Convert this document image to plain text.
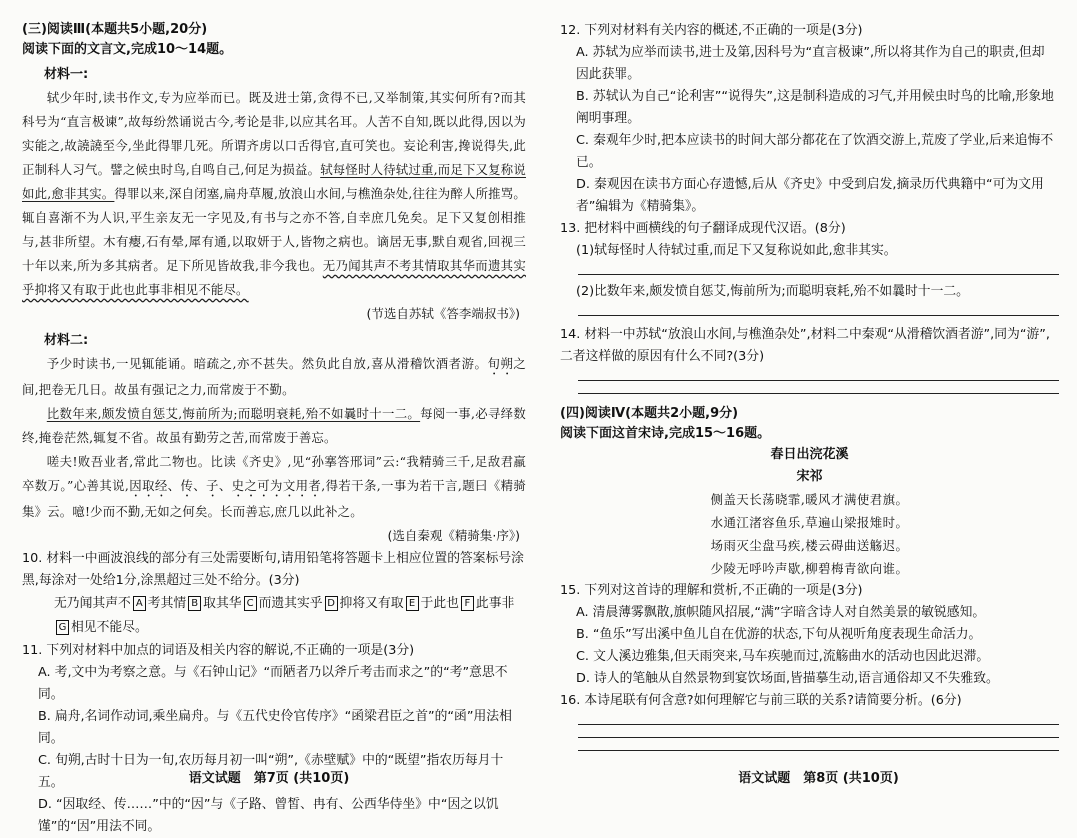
(三)阅读Ⅲ(本题共5小题,20分)

阅读下面的文言文,完成10～14题。

材料一:

轼少年时,读书作文,专为应举而已。既及进士第,贪得不已,又举制策,其实何所有?而其科号为“直言极谏”,故每纷然诵说古今,考论是非,以应其名耳。人苦不自知,既以此得,因以为实能之,故譊譊至今,坐此得罪几死。所谓齐虏以口舌得官,直可笑也。妄论利害,搀说得失,此正制科人习气。譬之候虫时鸟,自鸣自己,何足为损益。轼每怪时人待轼过重,而足下又复称说如此,愈非其实。得罪以来,深自闭塞,扁舟草履,放浪山水间,与樵渔杂处,往往为醉人所推骂。辄自喜渐不为人识,平生亲友无一字见及,有书与之亦不答,自幸庶几免矣。足下又复创相推与,甚非所望。木有瘿,石有晕,犀有通,以取妍于人,皆物之病也。谪居无事,默自观省,回视三十年以来,所为多其病者。足下所见皆故我,非今我也。无乃闻其声不考其情取其华而遗其实乎抑将又有取于此也此事非相见不能尽。

(节选自苏轼《答李端叔书》)

材料二:

予少时读书,一见辄能诵。暗疏之,亦不甚失。然负此自放,喜从滑稽饮酒者游。旬朔之间,把卷无几日。故虽有强记之力,而常废于不勤。

比数年来,颇发愤自惩艾,悔前所为;而聪明衰耗,殆不如曩时十一二。每阅一事,必寻绎数终,掩卷茫然,辄复不省。故虽有勤劳之苦,而常废于善忘。

嗟夫!败吾业者,常此二物也。比读《齐史》,见“孙搴答邢词”云:“我精骑三千,足敌君羸卒数万。”心善其说,因取经、传、子、史之可为文用者,得若干条,一事为若干言,题曰《精骑集》云。噫!少而不勤,无如之何矣。长而善忘,庶几以此补之。

(选自秦观《精骑集·序》)

10. 材料一中画波浪线的部分有三处需要断句,请用铅笔将答题卡上相应位置的答案标号涂黑,每涂对一处给1分,涂黑超过三处不给分。(3分)

无乃闻其声不 A 考其情 B 取其华 C 而遗其实乎 D 抑将又有取 E 于此也 F 此事非G 相见不能尽。

11. 下列对材料中加点的词语及相关内容的解说,不正确的一项是(3分)

A. 考,文中为考察之意。与《石钟山记》“而陋者乃以斧斤考击而求之”的“考”意思不同。

B. 扁舟,名词作动词,乘坐扁舟。与《五代史伶官传序》“函梁君臣之首”的“函”用法相同。

C. 旬朔,古时十日为一旬,农历每月初一叫“朔”,《赤壁赋》中的“既望”指农历每月十五。

D. “因取经、传……”中的“因”与《子路、曾皙、冉有、公西华侍坐》中“因之以饥馑”的“因”用法不同。

语文试题　第7页 (共10页)

12. 下列对材料有关内容的概述,不正确的一项是(3分)

A. 苏轼为应举而读书,进士及第,因科号为“直言极谏”,所以将其作为自己的职责,但却因此获罪。

B. 苏轼认为自己“论利害”“说得失”,这是制科造成的习气,并用候虫时鸟的比喻,形象地阐明事理。

C. 秦观年少时,把本应读书的时间大部分都花在了饮酒交游上,荒废了学业,后来追悔不已。

D. 秦观因在读书方面心存遗憾,后从《齐史》中受到启发,摘录历代典籍中“可为文用者”编辑为《精骑集》。

13. 把材料中画横线的句子翻译成现代汉语。(8分)

(1)轼每怪时人待轼过重,而足下又复称说如此,愈非其实。

(2)比数年来,颇发愤自惩艾,悔前所为;而聪明衰耗,殆不如曩时十一二。

14. 材料一中苏轼“放浪山水间,与樵渔杂处”,材料二中秦观“从滑稽饮酒者游”,同为“游”,二者这样做的原因有什么不同?(3分)

(四)阅读Ⅳ(本题共2小题,9分)

阅读下面这首宋诗,完成15～16题。

春日出浣花溪

宋祁

侧盖天长荡晓霏,暖风才满使君旗。

水通江渚容鱼乐,草遍山梁报雉时。

场雨灭尘盘马疾,楼云碍曲送觞迟。

少陵无呼吟声歇,柳碧梅青欲向谁。

15. 下列对这首诗的理解和赏析,不正确的一项是(3分)

A. 清晨薄雾飘散,旗帜随风招展,“满”字暗含诗人对自然美景的敏锐感知。

B. “鱼乐”写出溪中鱼儿自在优游的状态,下句从视听角度表现生命活力。

C. 文人溪边雅集,但天雨突来,马车疾驰而过,流觞曲水的活动也因此迟滞。

D. 诗人的笔触从自然景物到宴饮场面,皆描摹生动,语言通俗却又不失雅致。

16. 本诗尾联有何含意?如何理解它与前三联的关系?请简要分析。(6分)

语文试题　第8页 (共10页)
